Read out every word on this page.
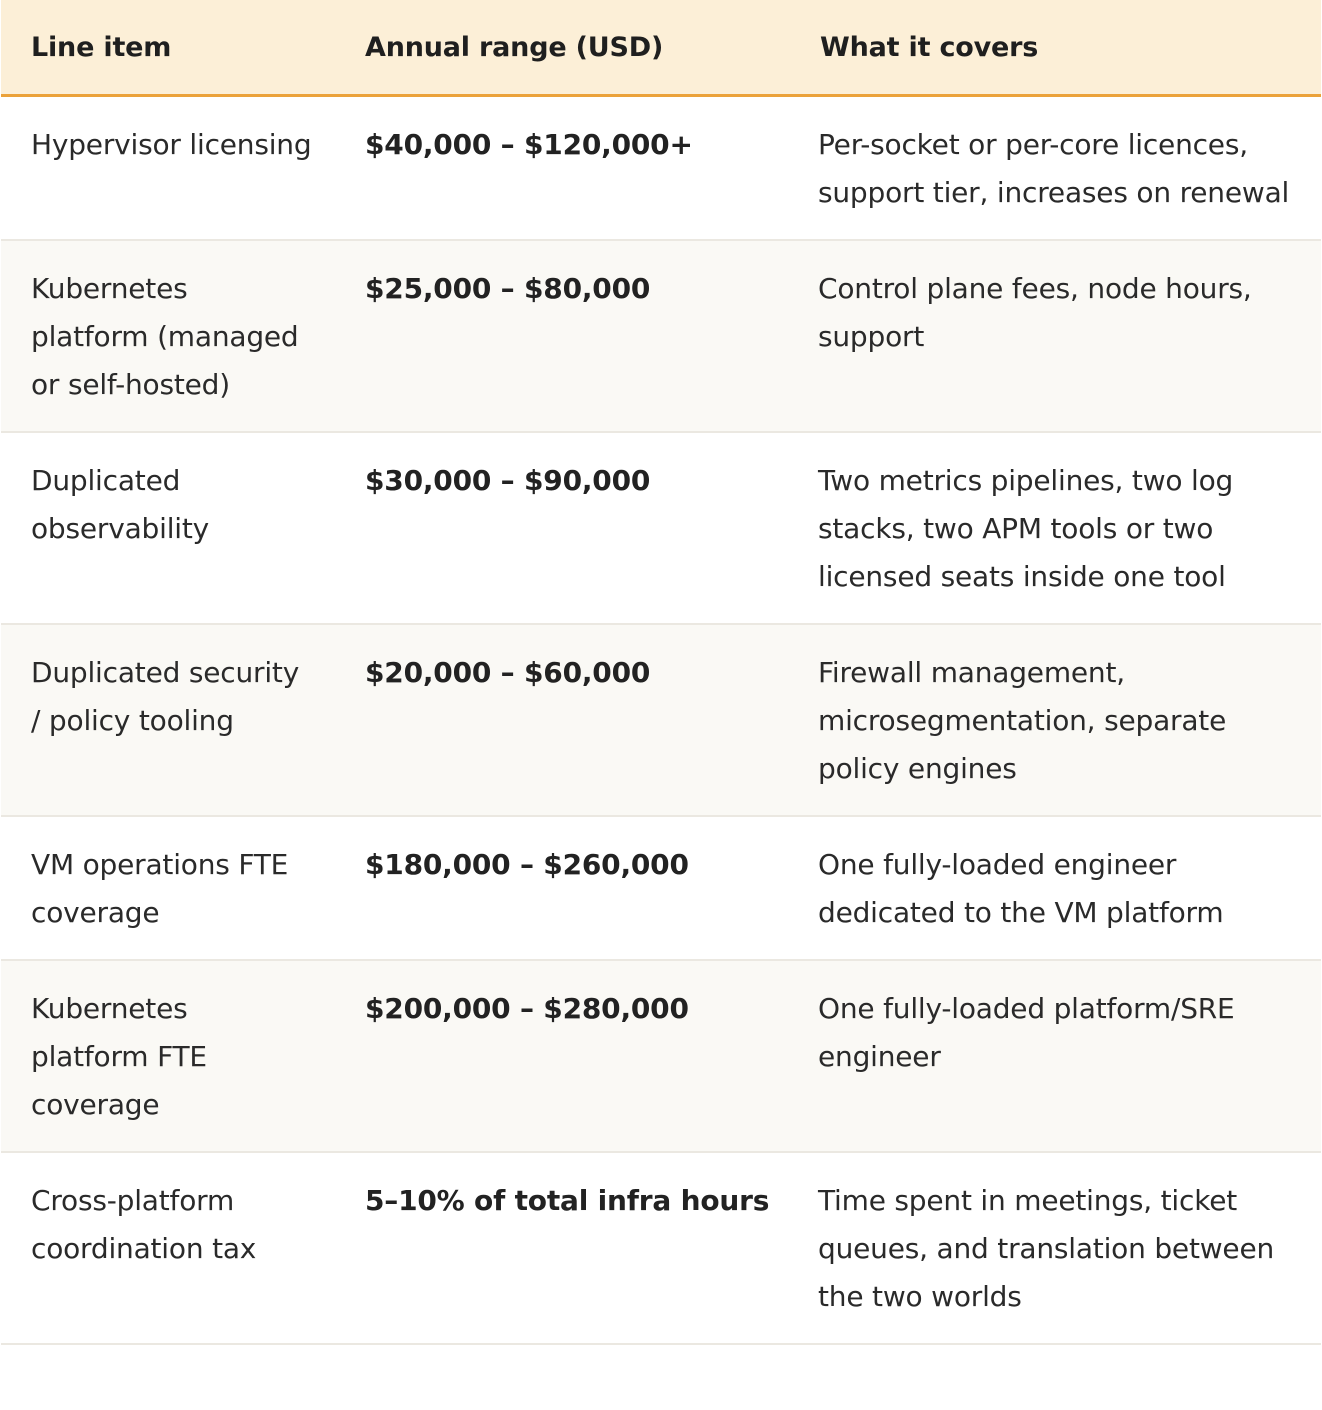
Line item	Annual range (USD)	What it covers
Hypervisor licensing	$40,000 – $120,000+	Per-socket or per-core licences, support tier, increases on renewal
Kubernetes platform (managed or self-hosted)	$25,000 – $80,000	Control plane fees, node hours, support
Duplicated observability	$30,000 – $90,000	Two metrics pipelines, two log stacks, two APM tools or two licensed seats inside one tool
Duplicated security / policy tooling	$20,000 – $60,000	Firewall management, microsegmentation, separate policy engines
VM operations FTE coverage	$180,000 – $260,000	One fully-loaded engineer dedicated to the VM platform
Kubernetes platform FTE coverage	$200,000 – $280,000	One fully-loaded platform/SRE engineer
Cross-platform coordination tax	5–10% of total infra hours	Time spent in meetings, ticket queues, and translation between the two worlds
